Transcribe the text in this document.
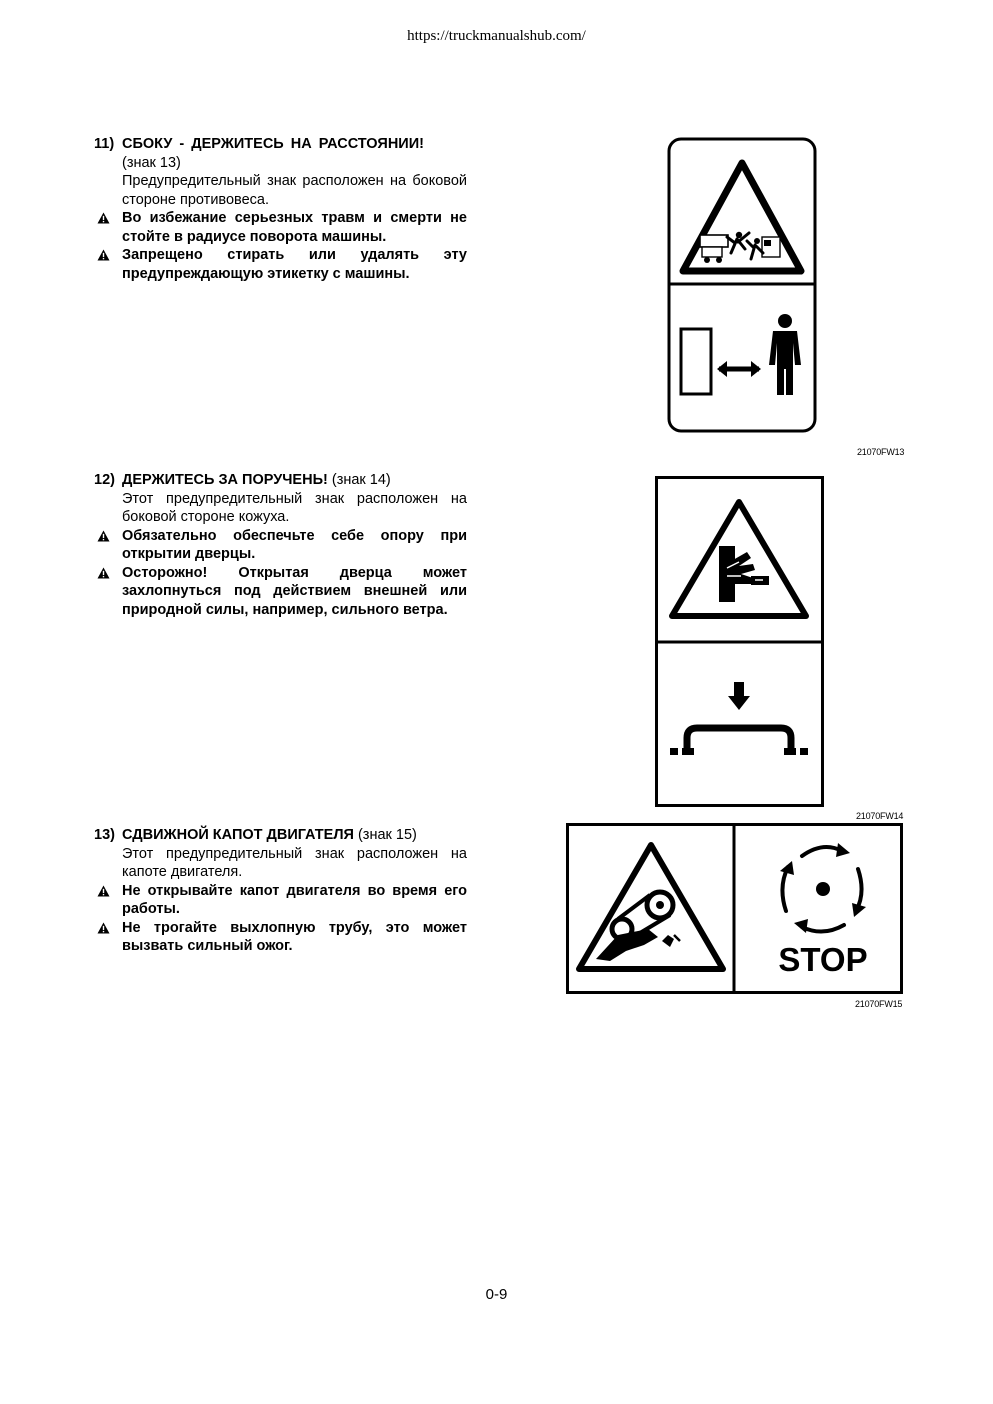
https://truckmanualshub.com/
11) СБОКУ - ДЕРЖИТЕСЬ НА РАССТОЯНИИ!
(знак 13)
Предупредительный знак расположен на боковой стороне противовеса.
Во избежание серьезных травм и смерти не стойте в радиусе поворота машины.
Запрещено стирать или удалять эту предупреждающую этикетку с машины.
21070FW13
12) ДЕРЖИТЕСЬ ЗА ПОРУЧЕНЬ! (знак 14)
Этот предупредительный знак расположен на боковой стороне кожуха.
Обязательно обеспечьте себе опору при открытии дверцы.
Осторожно! Открытая дверца может захлопнуться под действием внешней или природной силы, например, сильного ветра.
21070FW14
13) СДВИЖНОЙ КАПОТ ДВИГАТЕЛЯ (знак 15)
Этот предупредительный знак расположен на капоте двигателя.
Не открывайте капот двигателя во время его работы.
Не трогайте выхлопную трубу, это может вызвать сильный ожог.	STOP
21070FW15
0-9
